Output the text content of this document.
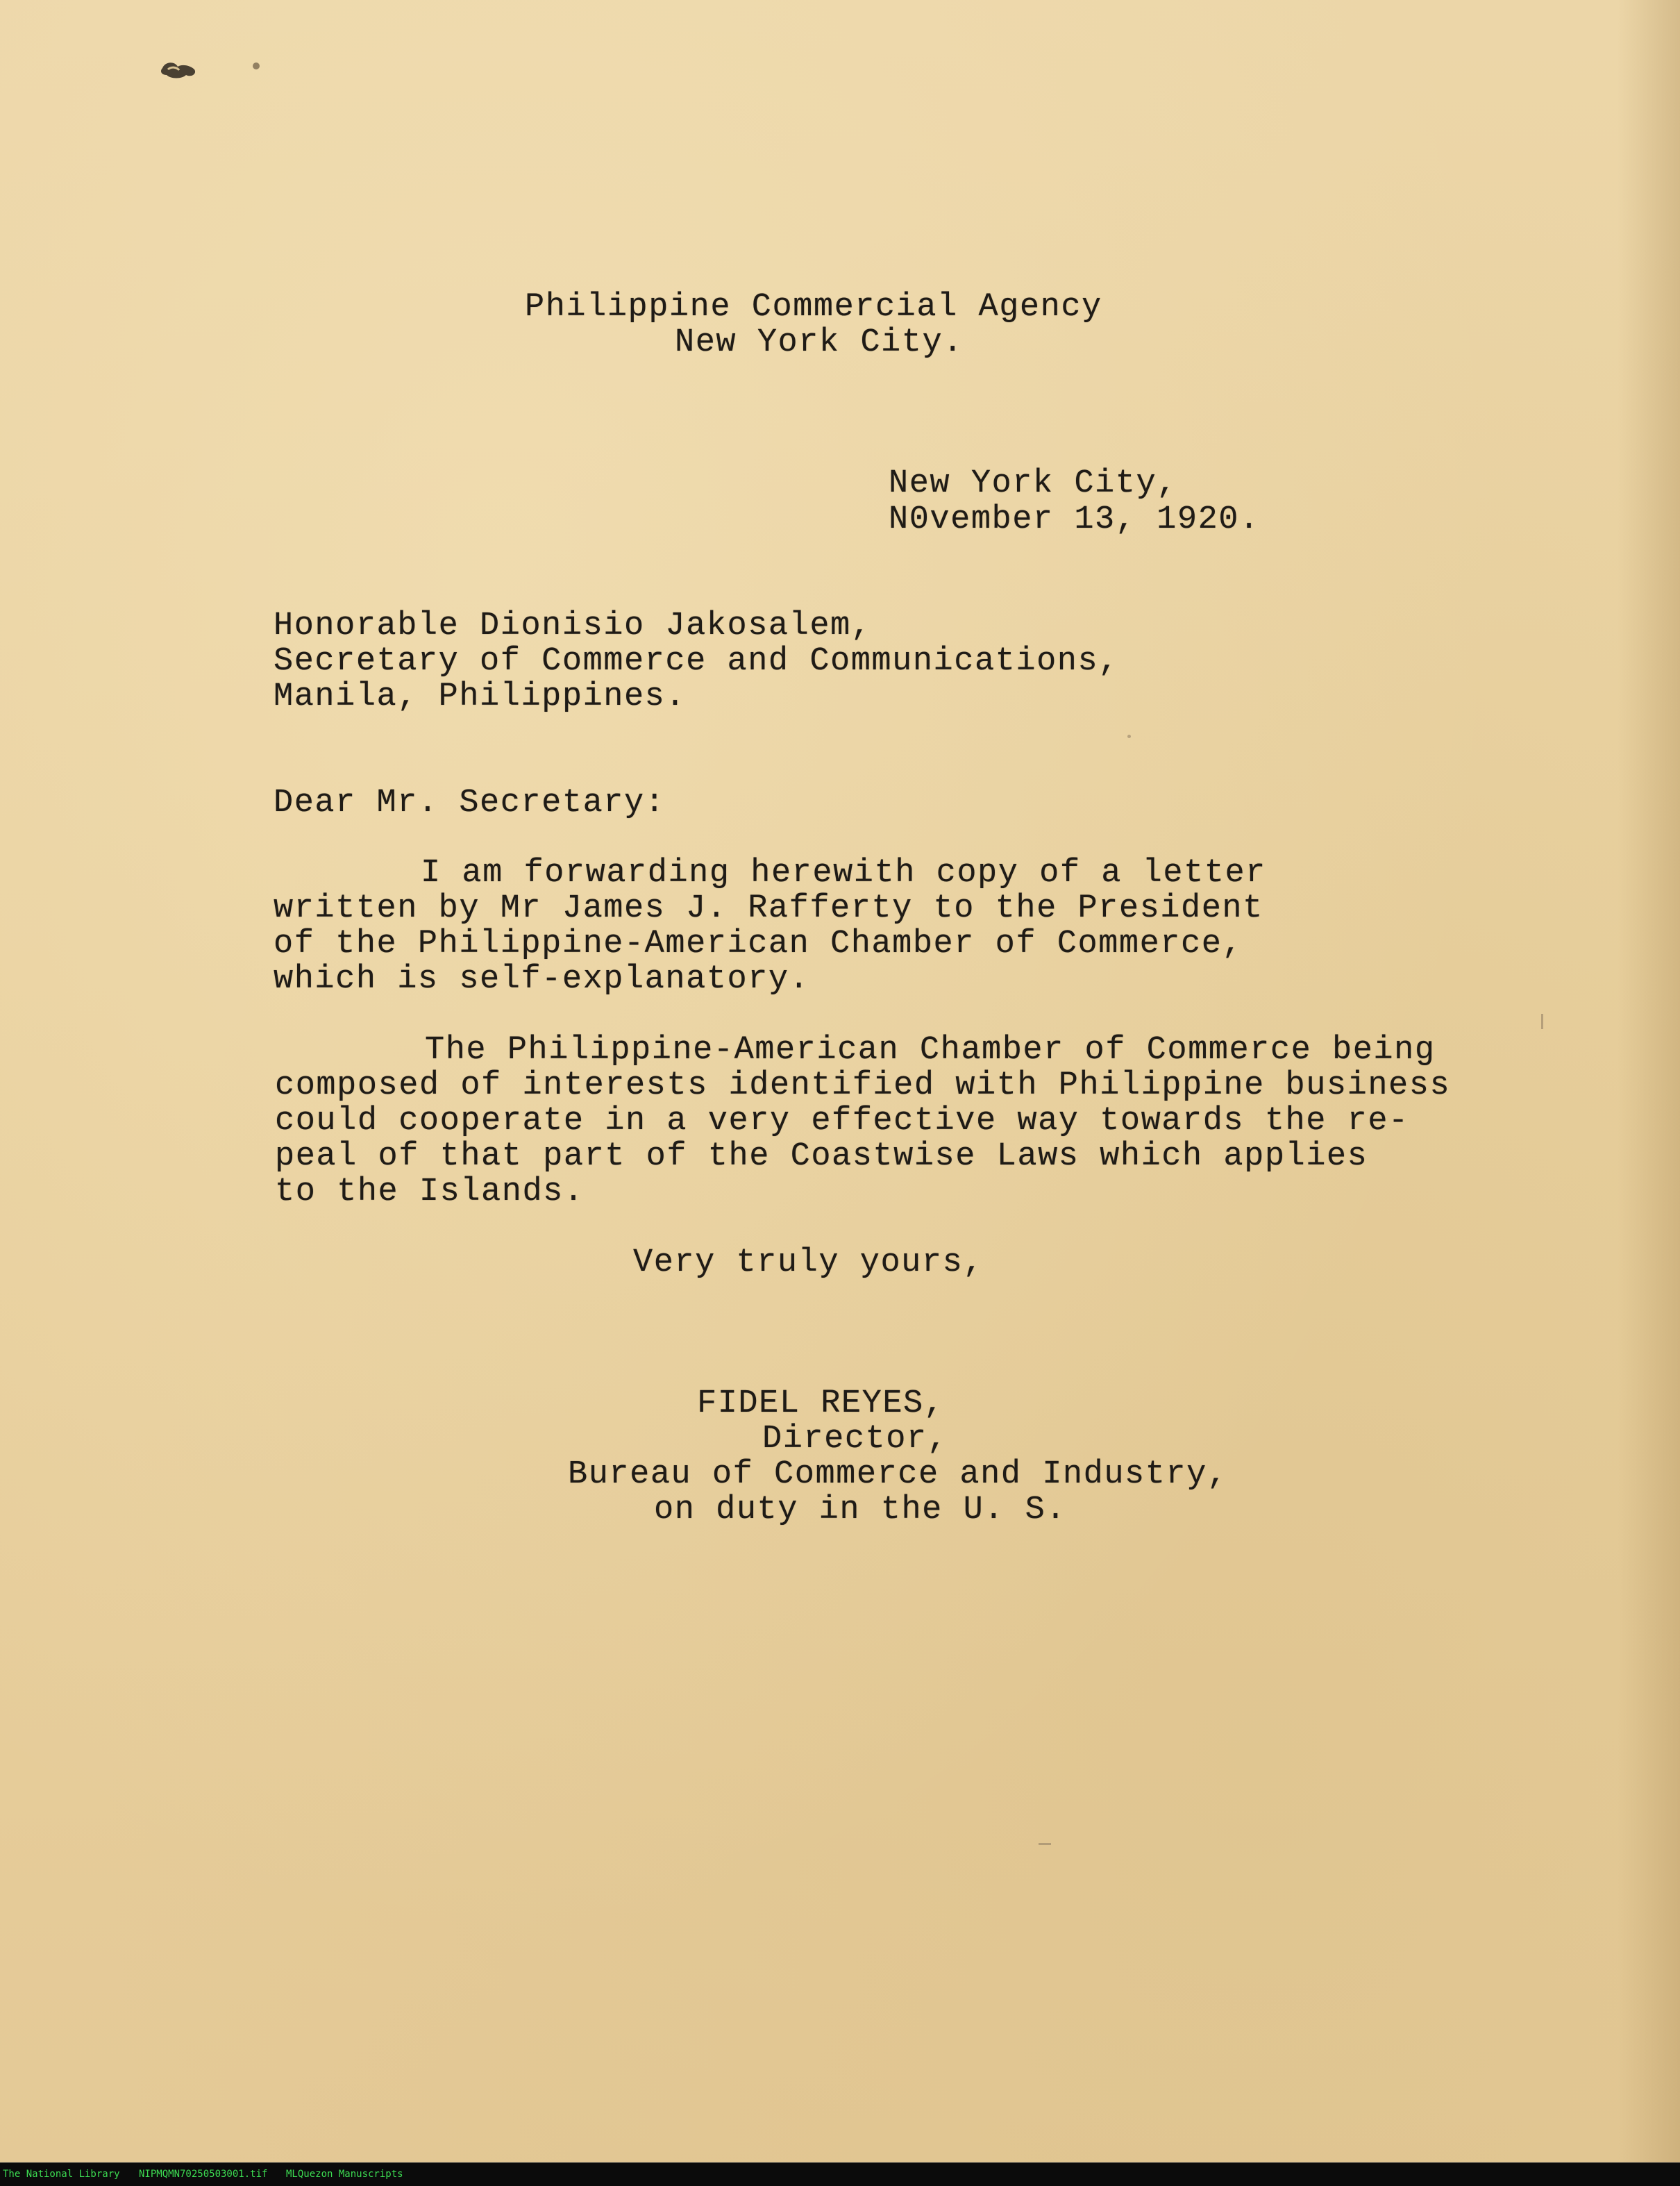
Philippine Commercial Agency
New York City.
New York City,
N0vember 13, 1920.
Honorable Dionisio Jakosalem,
Secretary of Commerce and Communications,
Manila, Philippines.
Dear Mr. Secretary:
I am forwarding herewith copy of a letter
written by Mr James J. Rafferty to the President
of the Philippine-American Chamber of Commerce,
which is self-explanatory.
The Philippine-American Chamber of Commerce being
composed of interests identified with Philippine business
could cooperate in a very effective way towards the re-
peal of that part of the Coastwise Laws which applies
to the Islands.
Very truly yours,
FIDEL REYES,
Director,
Bureau of Commerce and Industry,
on duty in the U. S.
The National Library NIPMQMN70250503001.tif MLQuezon Manuscripts
